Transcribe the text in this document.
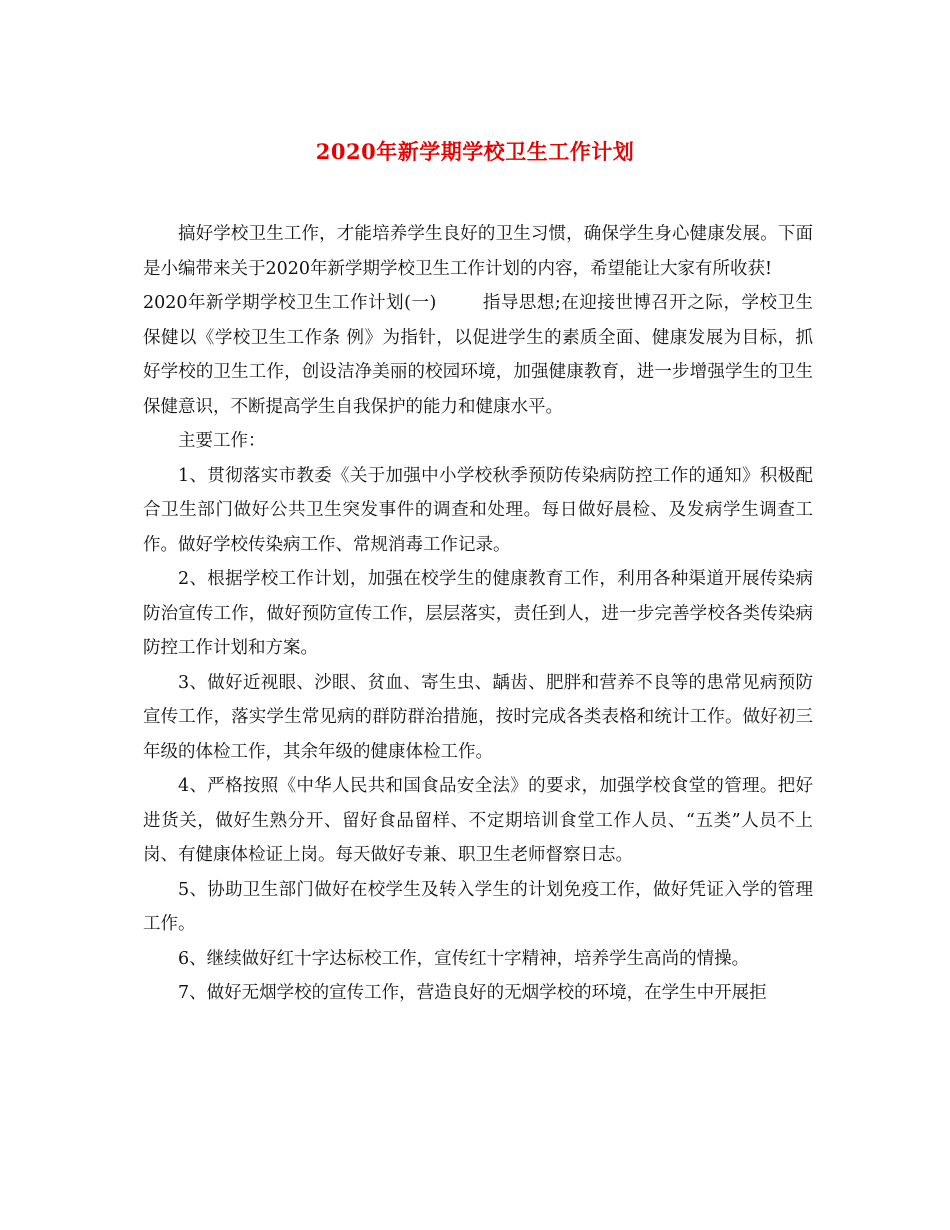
2020年新学期学校卫生工作计划

搞好学校卫生工作，才能培养学生良好的卫生习惯，确保学生身心健康发展。下面是小编带来关于2020年新学期学校卫生工作计划的内容，希望能让大家有所收获!

2020年新学期学校卫生工作计划(一)	指导思想;在迎接世博召开之际，学校卫生保健以《学校卫生工作条 例》为指针，以促进学生的素质全面、健康发展为目标，抓好学校的卫生工作，创设洁净美丽的校园环境，加强健康教育，进一步增强学生的卫生保健意识，不断提高学生自我保护的能力和健康水平。

主要工作：

1、贯彻落实市教委《关于加强中小学校秋季预防传染病防控工作的通知》积极配合卫生部门做好公共卫生突发事件的调查和处理。每日做好晨检、及发病学生调查工作。做好学校传染病工作、常规消毒工作记录。

2、根据学校工作计划，加强在校学生的健康教育工作，利用各种渠道开展传染病防治宣传工作，做好预防宣传工作，层层落实，责任到人，进一步完善学校各类传染病防控工作计划和方案。

3、做好近视眼、沙眼、贫血、寄生虫、龋齿、肥胖和营养不良等的患常见病预防宣传工作，落实学生常见病的群防群治措施，按时完成各类表格和统计工作。做好初三年级的体检工作，其余年级的健康体检工作。

4、严格按照《中华人民共和国食品安全法》的要求，加强学校食堂的管理。把好进货关，做好生熟分开、留好食品留样、不定期培训食堂工作人员、“五类”人员不上岗、有健康体检证上岗。每天做好专兼、职卫生老师督察日志。

5、协助卫生部门做好在校学生及转入学生的计划免疫工作，做好凭证入学的管理工作。

6、继续做好红十字达标校工作，宣传红十字精神，培养学生高尚的情操。

7、做好无烟学校的宣传工作，营造良好的无烟学校的环境，在学生中开展拒
